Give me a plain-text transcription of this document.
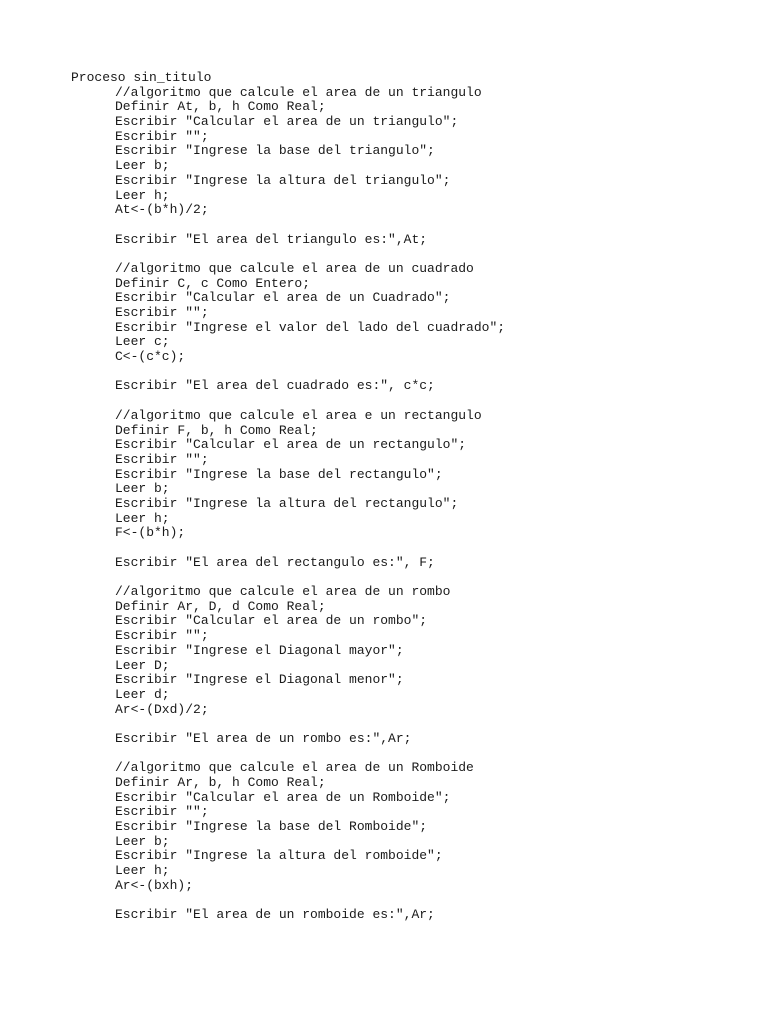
Proceso sin_titulo
//algoritmo que calcule el area de un triangulo
Definir At, b, h Como Real;
Escribir "Calcular el area de un triangulo";
Escribir "";
Escribir "Ingrese la base del triangulo";
Leer b;
Escribir "Ingrese la altura del triangulo";
Leer h;
At<-(b*h)/2;
Escribir "El area del triangulo es:",At;
//algoritmo que calcule el area de un cuadrado
Definir C, c Como Entero;
Escribir "Calcular el area de un Cuadrado";
Escribir "";
Escribir "Ingrese el valor del lado del cuadrado";
Leer c;
C<-(c*c);
Escribir "El area del cuadrado es:", c*c;
//algoritmo que calcule el area e un rectangulo
Definir F, b, h Como Real;
Escribir "Calcular el area de un rectangulo";
Escribir "";
Escribir "Ingrese la base del rectangulo";
Leer b;
Escribir "Ingrese la altura del rectangulo";
Leer h;
F<-(b*h);
Escribir "El area del rectangulo es:", F;
//algoritmo que calcule el area de un rombo
Definir Ar, D, d Como Real;
Escribir "Calcular el area de un rombo";
Escribir "";
Escribir "Ingrese el Diagonal mayor";
Leer D;
Escribir "Ingrese el Diagonal menor";
Leer d;
Ar<-(Dxd)/2;
Escribir "El area de un rombo es:",Ar;
//algoritmo que calcule el area de un Romboide
Definir Ar, b, h Como Real;
Escribir "Calcular el area de un Romboide";
Escribir "";
Escribir "Ingrese la base del Romboide";
Leer b;
Escribir "Ingrese la altura del romboide";
Leer h;
Ar<-(bxh);
Escribir "El area de un romboide es:",Ar;
